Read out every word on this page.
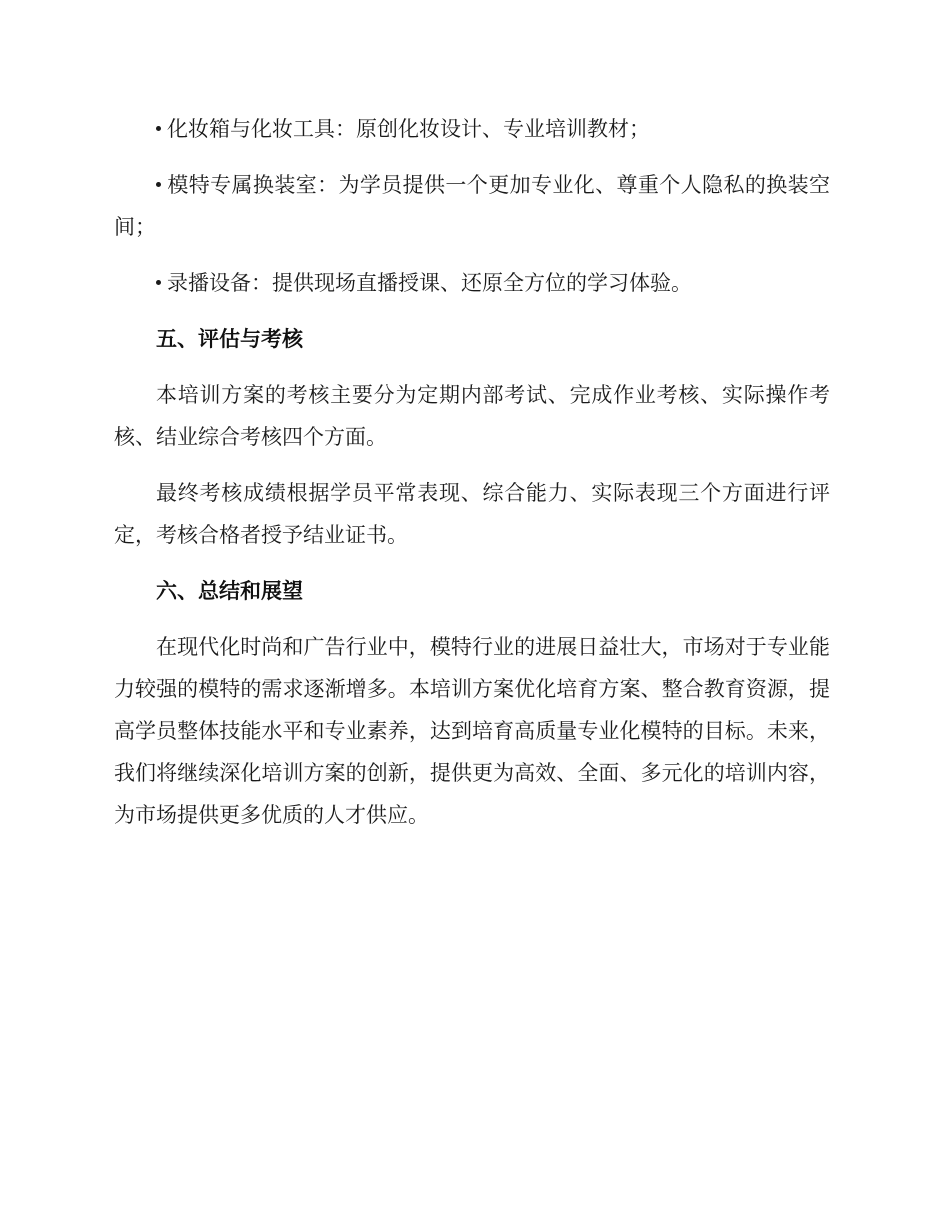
化妆箱与化妆工具：原创化妆设计、专业培训教材；

模特专属换装室：为学员提供一个更加专业化、尊重个人隐私的换装空间；

录播设备：提供现场直播授课、还原全方位的学习体验。

五、评估与考核

本培训方案的考核主要分为定期内部考试、完成作业考核、实际操作考核、结业综合考核四个方面。

最终考核成绩根据学员平常表现、综合能力、实际表现三个方面进行评定，考核合格者授予结业证书。

六、总结和展望

在现代化时尚和广告行业中，模特行业的进展日益壮大，市场对于专业能力较强的模特的需求逐渐增多。本培训方案优化培育方案、整合教育资源，提高学员整体技能水平和专业素养，达到培育高质量专业化模特的目标。未来，我们将继续深化培训方案的创新，提供更为高效、全面、多元化的培训内容，为市场提供更多优质的人才供应。
